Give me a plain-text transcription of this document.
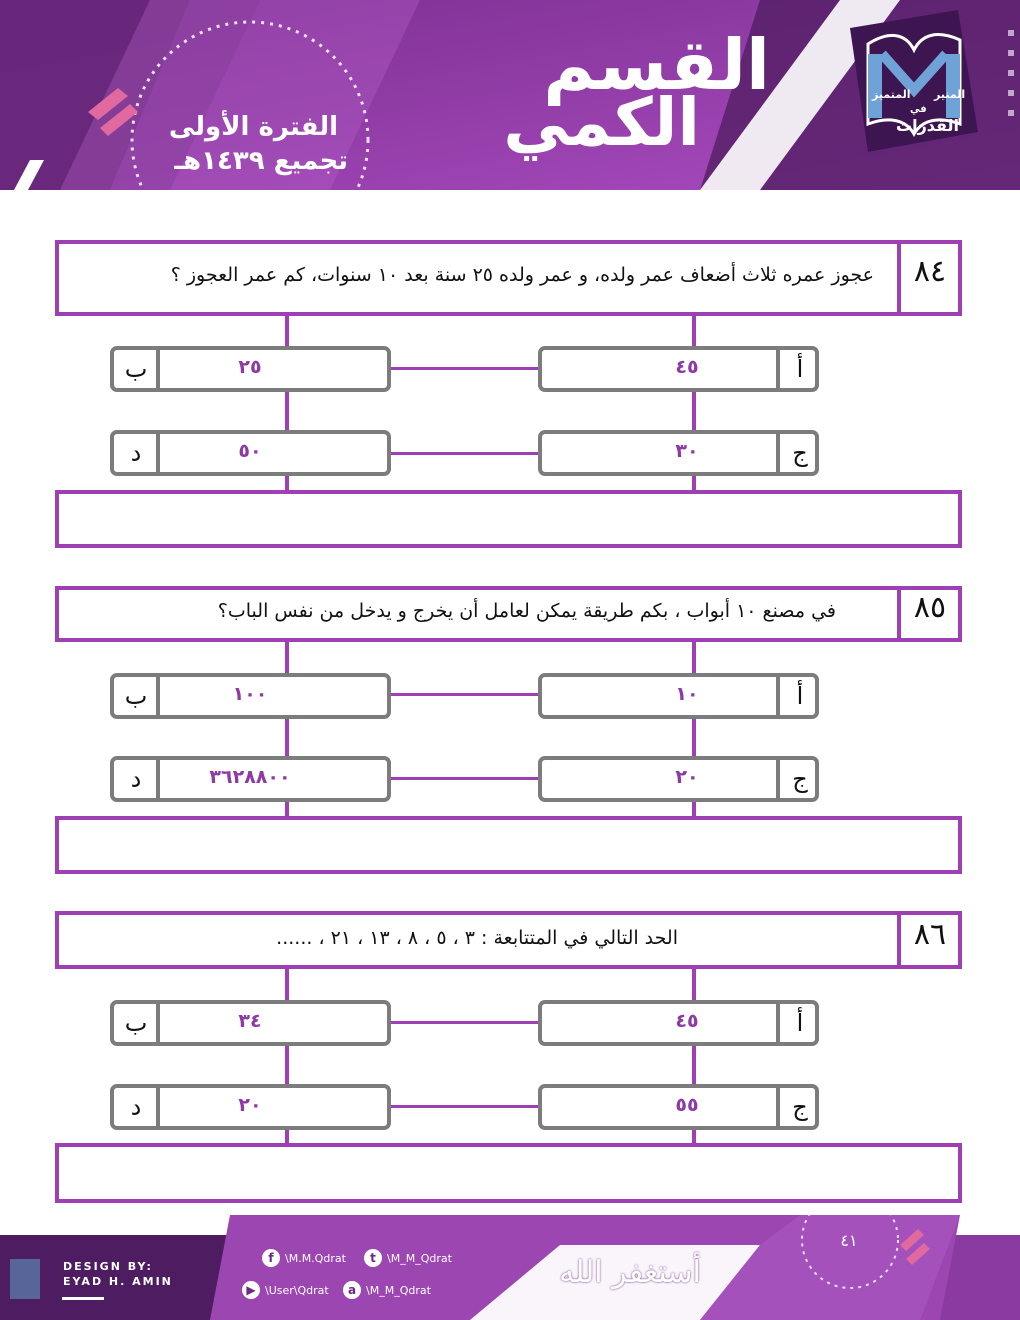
القسم
الكمي
الفترة الأولى
تجميع ١٤٣٩هـ
القدرات
المنير
في
المتميز
٨٤
عجوز عمره ثلاث أضعاف عمر ولده، و عمر ولده ٢٥ سنة بعد ١٠ سنوات، كم عمر العجوز ؟
أ
٤٥
ب	٢٥
ج
٣٠
د	٥٠
٨٥
في مصنع ١٠ أبواب ، بكم طريقة يمكن لعامل أن يخرج و يدخل من نفس الباب؟
أ
١٠
ب	١٠٠
ج
٢٠
د	٣٦٢٨٨٠٠
٨٦
الحد التالي في المتتابعة : ٣ ، ٥ ، ٨ ، ١٣ ، ٢١ ، ......
أ
٤٥
ب	٣٤
ج
٥٥
د	٢٠
DESIGN BY:
EYAD H. AMIN
f	\M.M.Qdrat	t	\M_M_Qdrat
▶ \User\Qdrat	a \M_M_Qdrat
أستغفر الله
٤١
